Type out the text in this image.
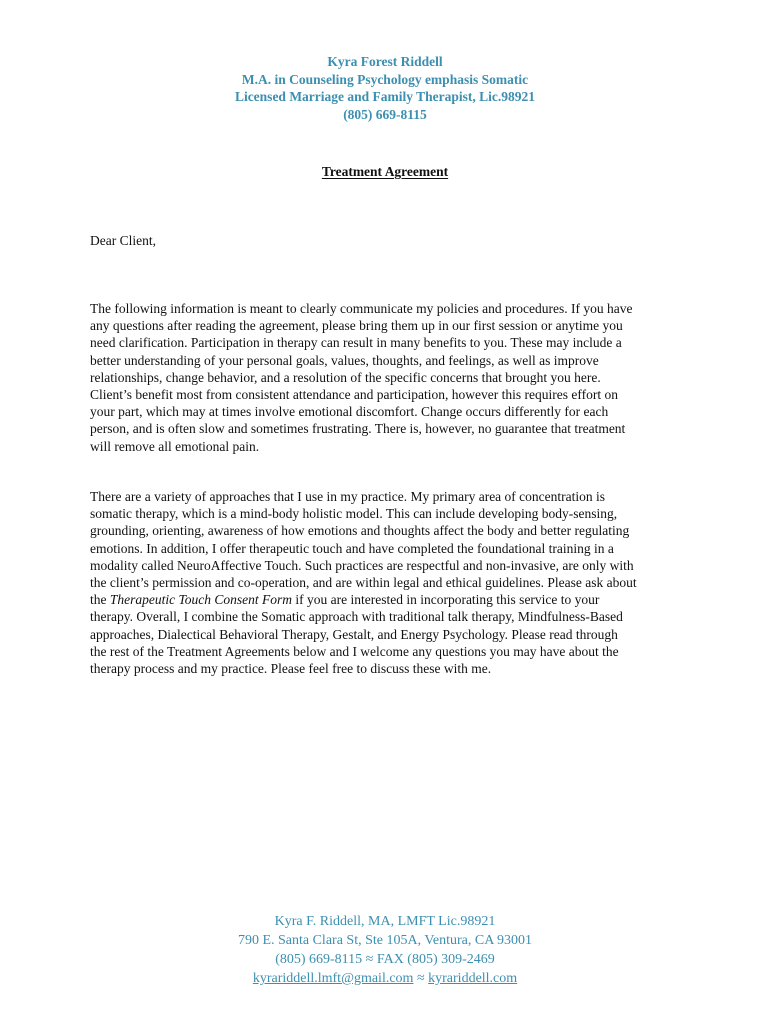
Kyra Forest Riddell
M.A. in Counseling Psychology emphasis Somatic
Licensed Marriage and Family Therapist, Lic.98921
(805) 669-8115
Treatment Agreement
Dear Client,

The following information is meant to clearly communicate my policies and procedures. If you have
any questions after reading the agreement, please bring them up in our first session or anytime you
need clarification. Participation in therapy can result in many benefits to you. These may include a
better understanding of your personal goals, values, thoughts, and feelings, as well as improve
relationships, change behavior, and a resolution of the specific concerns that brought you here.
Client’s benefit most from consistent attendance and participation, however this requires effort on
your part, which may at times involve emotional discomfort. Change occurs differently for each
person, and is often slow and sometimes frustrating. There is, however, no guarantee that treatment
will remove all emotional pain.

There are a variety of approaches that I use in my practice. My primary area of concentration is
somatic therapy, which is a mind-body holistic model. This can include developing body-sensing,
grounding, orienting, awareness of how emotions and thoughts affect the body and better regulating
emotions. In addition, I offer therapeutic touch and have completed the foundational training in a
modality called NeuroAffective Touch. Such practices are respectful and non-invasive, are only with
the client’s permission and co-operation, and are within legal and ethical guidelines. Please ask about
the Therapeutic Touch Consent Form if you are interested in incorporating this service to your
therapy. Overall, I combine the Somatic approach with traditional talk therapy, Mindfulness-Based
approaches, Dialectical Behavioral Therapy, Gestalt, and Energy Psychology. Please read through
the rest of the Treatment Agreements below and I welcome any questions you may have about the
therapy process and my practice. Please feel free to discuss these with me.

Kyra F. Riddell, MA, LMFT Lic.98921
790 E. Santa Clara St, Ste 105A, Ventura, CA 93001
(805) 669-8115 ≈ FAX (805) 309-2469
kyrariddell.lmft@gmail.com ≈ kyrariddell.com
